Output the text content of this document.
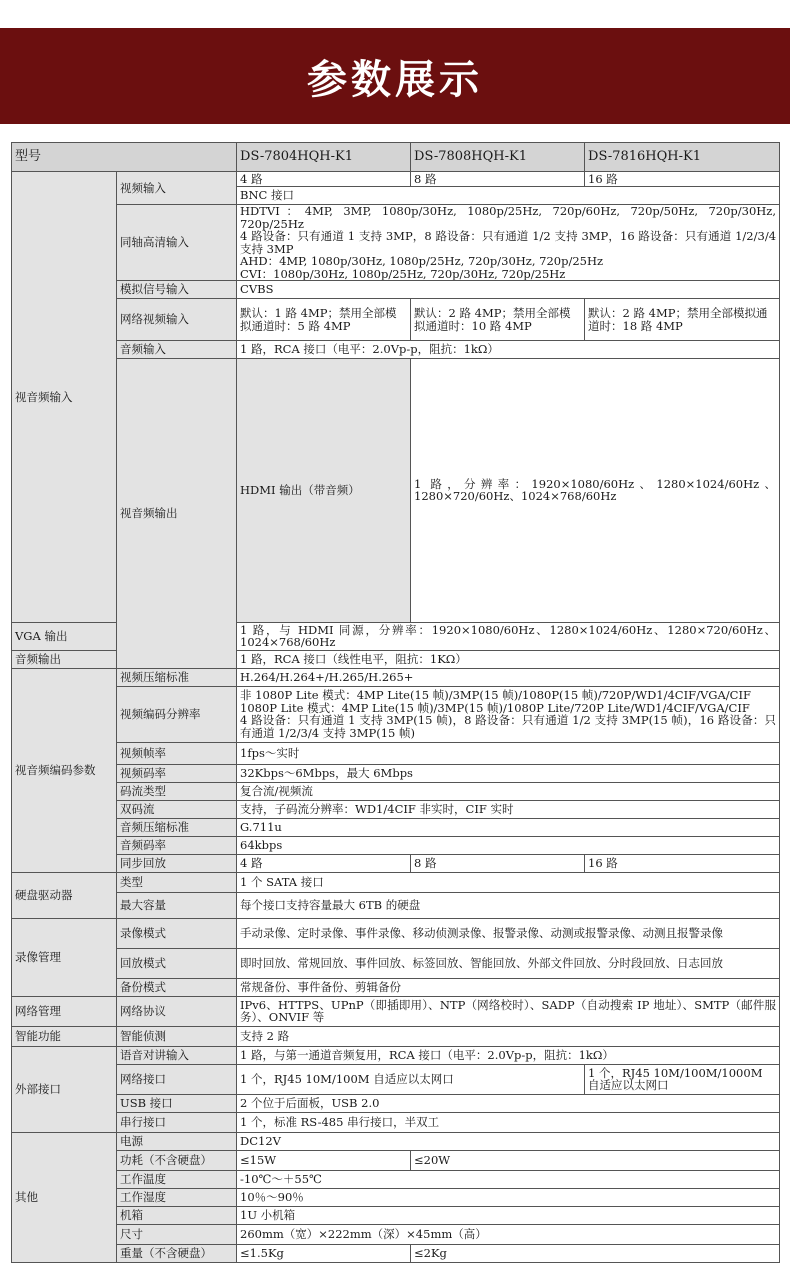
参数展示
型号		DS-7804HQH-K1	DS-7808HQH-K1	DS-7816HQH-K1	
视音频输入	视频输入	4 路	8 路	16 路	
		BNC 接口			
	同轴高清输入	HDTVI：4MP, 3MP, 1080p/30Hz, 1080p/25Hz, 720p/60Hz, 720p/50Hz, 720p/30Hz, 720p/25Hz
4 路设备：只有通道 1 支持 3MP，8 路设备：只有通道 1/2 支持 3MP，16 路设备：只有通道 1/2/3/4 支持 3MP
AHD：4MP, 1080p/30Hz, 1080p/25Hz, 720p/30Hz, 720p/25Hz
CVI：1080p/30Hz, 1080p/25Hz, 720p/30Hz, 720p/25Hz			

	模拟信号输入	CVBS			
	网络视频输入	默认：1 路 4MP；禁用全部模拟通道时：5 路 4MP	默认：2 路 4MP；禁用全部模拟通道时：10 路 4MP	默认：2 路 4MP；禁用全部模拟通道时：18 路 4MP	
	音频输入	1 路，RCA 接口（电平：2.0Vp-p，阻抗：1kΩ）			
	视音频输出	HDMI 输出（带音频）	1 路，分辨率：1920×1080/60Hz、1280×1024/60Hz、1280×720/60Hz、1024×768/60Hz	
VGA 输出		1 路，与 HDMI 同源，分辨率：1920×1080/60Hz、1280×1024/60Hz、1280×720/60Hz、1024×768/60Hz			
音频输出		1 路，RCA 接口（线性电平，阻抗：1KΩ）			
视音频编码参数	视频压缩标准	H.264/H.264+/H.265/H.265+			
	视频编码分辨率	非 1080P Lite 模式：4MP Lite(15 帧)/3MP(15 帧)/1080P(15 帧)/720P/WD1/4CIF/VGA/CIF
1080P Lite 模式：4MP Lite(15 帧)/3MP(15 帧)/1080P Lite/720P Lite/WD1/4CIF/VGA/CIF
4 路设备：只有通道 1 支持 3MP(15 帧)，8 路设备：只有通道 1/2 支持 3MP(15 帧)，16 路设备：只有通道 1/2/3/4 支持 3MP(15 帧)			

	视频帧率	1fps～实时			
	视频码率	32Kbps～6Mbps，最大 6Mbps			
	码流类型	复合流/视频流			
	双码流	支持，子码流分辨率：WD1/4CIF 非实时，CIF 实时			
	音频压缩标准	G.711u			
	音频码率	64kbps			
	同步回放	4 路	8 路	16 路	
硬盘驱动器	类型	1 个 SATA 接口			
	最大容量	每个接口支持容量最大 6TB 的硬盘			
录像管理	录像模式	手动录像、定时录像、事件录像、移动侦测录像、报警录像、动测或报警录像、动测且报警录像			
	回放模式	即时回放、常规回放、事件回放、标签回放、智能回放、外部文件回放、分时段回放、日志回放			
	备份模式	常规备份、事件备份、剪辑备份			
网络管理	网络协议	IPv6、HTTPS、UPnP（即插即用）、NTP（网络校时）、SADP（自动搜索 IP 地址）、SMTP（邮件服务）、ONVIF 等			
智能功能	智能侦测	支持 2 路			
外部接口	语音对讲输入	1 路，与第一通道音频复用，RCA 接口（电平：2.0Vp-p，阻抗：1kΩ）			
	网络接口	1 个，RJ45 10M/100M 自适应以太网口		1 个，RJ45 10M/100M/1000M 自适应以太网口	
	USB 接口	2 个位于后面板，USB 2.0			
	串行接口	1 个，标准 RS-485 串行接口，半双工			
其他	电源	DC12V			
	功耗（不含硬盘）	≤15W	≤20W		
	工作温度	-10℃～＋55℃			
	工作湿度	10％～90％			
	机箱	1U 小机箱			
	尺寸	260mm（宽）×222mm（深）×45mm（高）			
	重量（不含硬盘）	≤1.5Kg	≤2Kg		
